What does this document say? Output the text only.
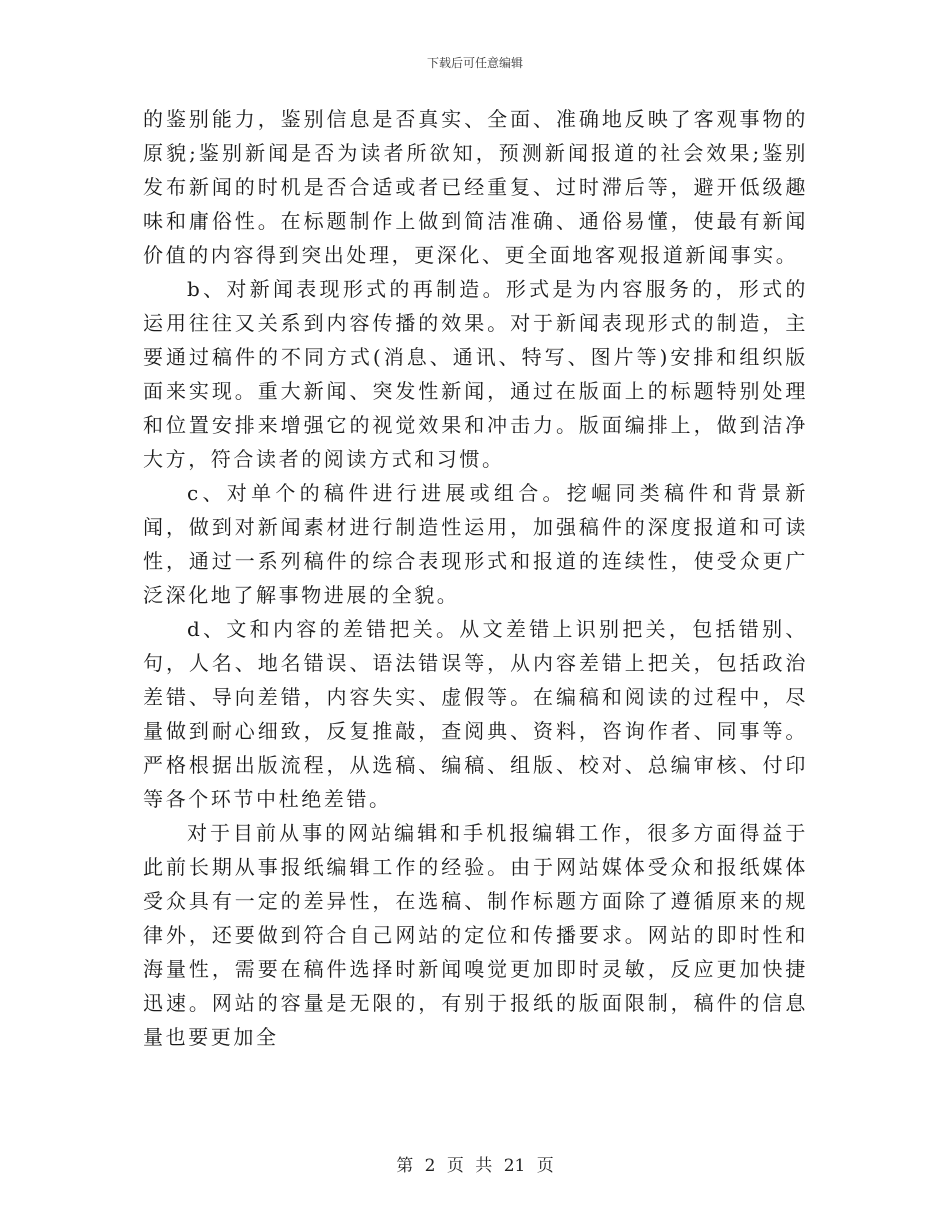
下载后可任意编辑

的鉴别能力，鉴别信息是否真实、全面、准确地反映了客观事物的原貌;鉴别新闻是否为读者所欲知，预测新闻报道的社会效果;鉴别发布新闻的时机是否合适或者已经重复、过时滞后等，避开低级趣味和庸俗性。在标题制作上做到简洁准确、通俗易懂，使最有新闻价值的内容得到突出处理，更深化、更全面地客观报道新闻事实。

b、对新闻表现形式的再制造。形式是为内容服务的，形式的运用往往又关系到内容传播的效果。对于新闻表现形式的制造，主要通过稿件的不同方式(消息、通讯、特写、图片等)安排和组织版面来实现。重大新闻、突发性新闻，通过在版面上的标题特别处理和位置安排来增强它的视觉效果和冲击力。版面编排上，做到洁净大方，符合读者的阅读方式和习惯。

c、对单个的稿件进行进展或组合。挖崛同类稿件和背景新闻，做到对新闻素材进行制造性运用，加强稿件的深度报道和可读性，通过一系列稿件的综合表现形式和报道的连续性，使受众更广泛深化地了解事物进展的全貌。

d、文和内容的差错把关。从文差错上识别把关，包括错别、句，人名、地名错误、语法错误等，从内容差错上把关，包括政治差错、导向差错，内容失实、虚假等。在编稿和阅读的过程中，尽量做到耐心细致，反复推敲，查阅典、资料，咨询作者、同事等。严格根据出版流程，从选稿、编稿、组版、校对、总编审核、付印等各个环节中杜绝差错。

对于目前从事的网站编辑和手机报编辑工作，很多方面得益于此前长期从事报纸编辑工作的经验。由于网站媒体受众和报纸媒体受众具有一定的差异性，在选稿、制作标题方面除了遵循原来的规律外，还要做到符合自己网站的定位和传播要求。网站的即时性和海量性，需要在稿件选择时新闻嗅觉更加即时灵敏，反应更加快捷迅速。网站的容量是无限的，有别于报纸的版面限制，稿件的信息量也要更加全

第 2 页 共 21 页
